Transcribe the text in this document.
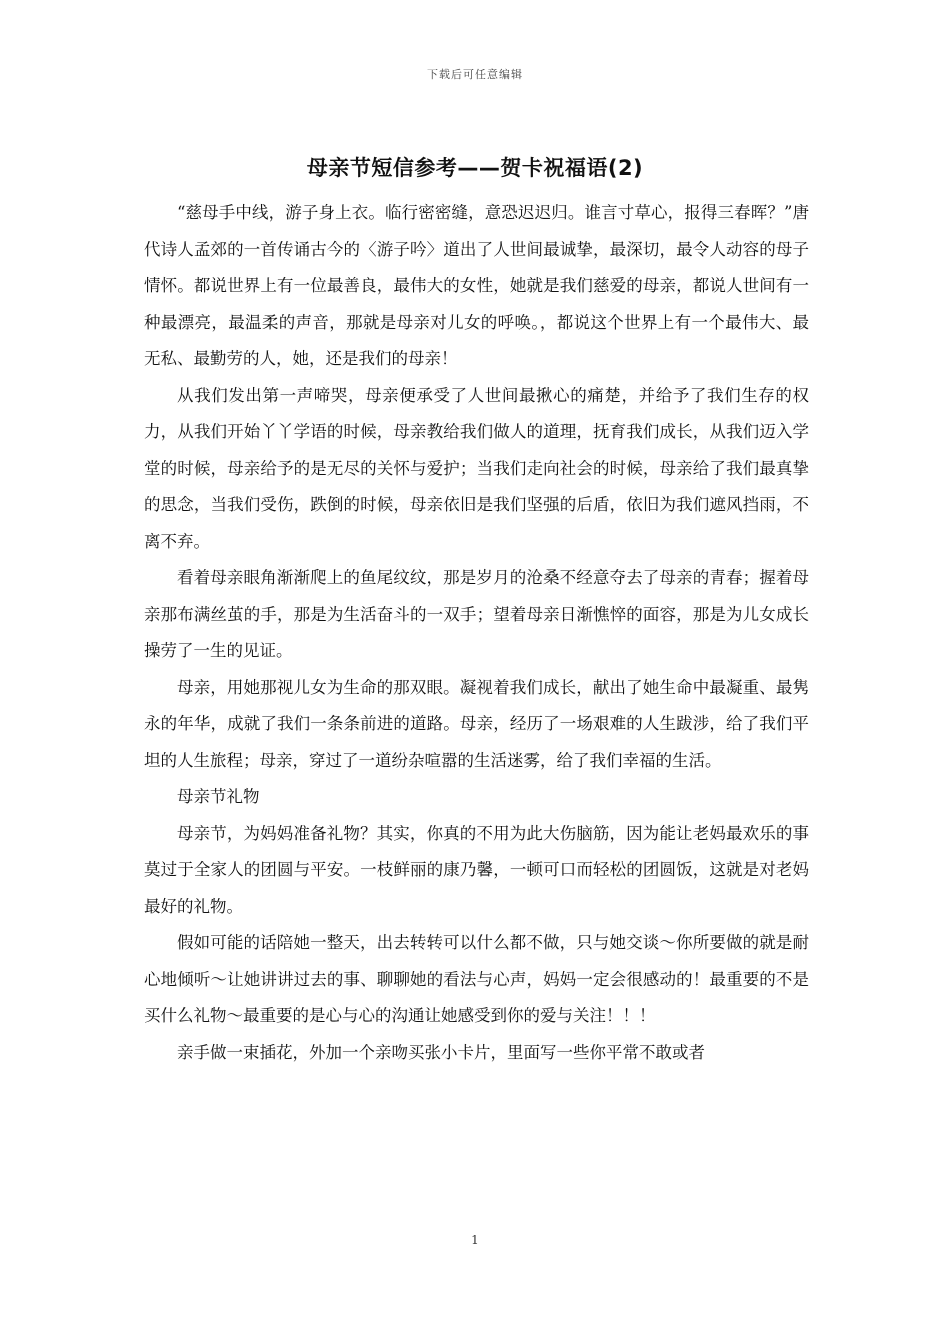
下载后可任意编辑
母亲节短信参考——贺卡祝福语(2)

“慈母手中线，游子身上衣。临行密密缝，意恐迟迟归。谁言寸草心，报得三春晖？”唐代诗人孟郊的一首传诵古今的〈游子吟〉道出了人世间最诚挚，最深切，最令人动容的母子情怀。都说世界上有一位最善良，最伟大的女性，她就是我们慈爱的母亲，都说人世间有一种最漂亮，最温柔的声音，那就是母亲对儿女的呼唤。，都说这个世界上有一个最伟大、最无私、最勤劳的人，她，还是我们的母亲！

从我们发出第一声啼哭，母亲便承受了人世间最揪心的痛楚，并给予了我们生存的权力，从我们开始丫丫学语的时候，母亲教给我们做人的道理，抚育我们成长，从我们迈入学堂的时候，母亲给予的是无尽的关怀与爱护；当我们走向社会的时候，母亲给了我们最真挚的思念，当我们受伤，跌倒的时候，母亲依旧是我们坚强的后盾，依旧为我们遮风挡雨，不离不弃。

看着母亲眼角渐渐爬上的鱼尾纹纹，那是岁月的沧桑不经意夺去了母亲的青春；握着母亲那布满丝茧的手，那是为生活奋斗的一双手；望着母亲日渐憔悴的面容，那是为儿女成长操劳了一生的见证。

母亲，用她那视儿女为生命的那双眼。凝视着我们成长，献出了她生命中最凝重、最隽永的年华，成就了我们一条条前进的道路。母亲，经历了一场艰难的人生跋涉，给了我们平坦的人生旅程；母亲，穿过了一道纷杂喧嚣的生活迷雾，给了我们幸福的生活。

母亲节礼物

母亲节，为妈妈准备礼物？其实，你真的不用为此大伤脑筋，因为能让老妈最欢乐的事莫过于全家人的团圆与平安。一枝鲜丽的康乃馨，一顿可口而轻松的团圆饭，这就是对老妈最好的礼物。

假如可能的话陪她一整天，出去转转可以什么都不做，只与她交谈～你所要做的就是耐心地倾听～让她讲讲过去的事、聊聊她的看法与心声，妈妈一定会很感动的！最重要的不是买什么礼物～最重要的是心与心的沟通让她感受到你的爱与关注！！！

亲手做一束插花，外加一个亲吻买张小卡片，里面写一些你平常不敢或者

1
